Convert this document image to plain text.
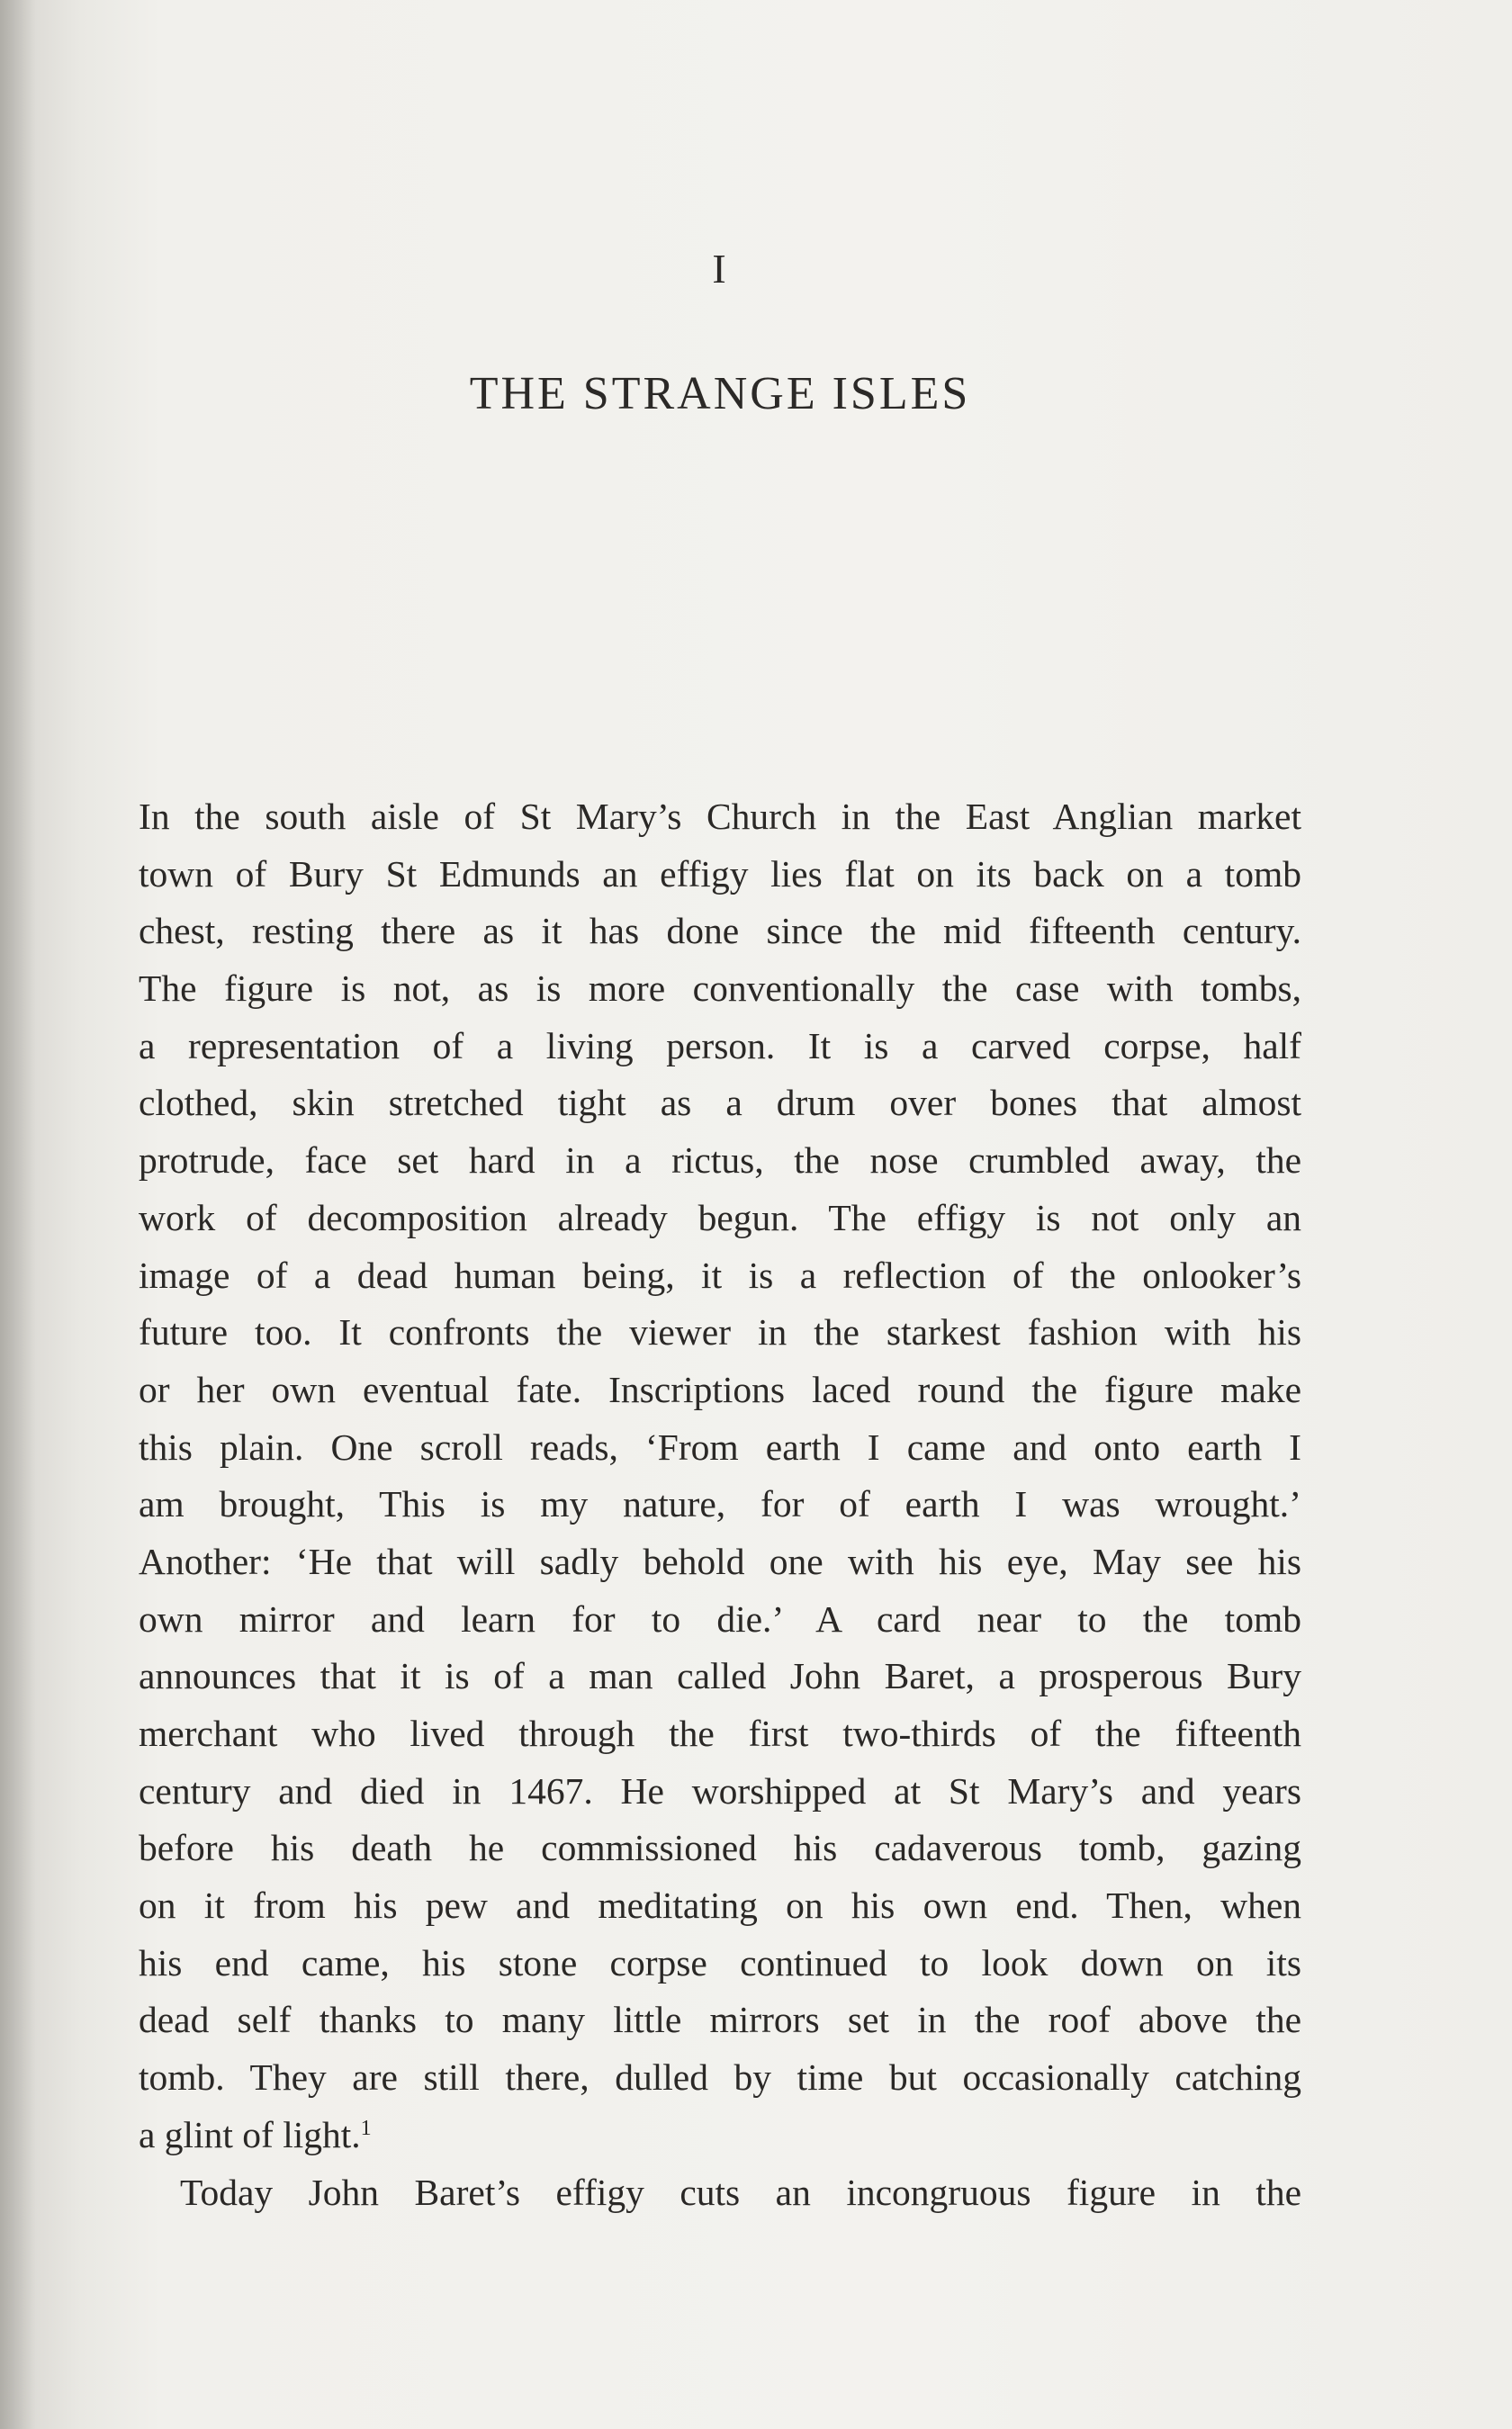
I
THE STRANGE ISLES
In the south aisle of St Mary’s Church in the East Anglian market
town of Bury St Edmunds an effigy lies flat on its back on a tomb
chest, resting there as it has done since the mid fifteenth century.
The figure is not, as is more conventionally the case with tombs,
a representation of a living person. It is a carved corpse, half
clothed, skin stretched tight as a drum over bones that almost
protrude, face set hard in a rictus, the nose crumbled away, the
work of decomposition already begun. The effigy is not only an
image of a dead human being, it is a reflection of the onlooker’s
future too. It confronts the viewer in the starkest fashion with his
or her own eventual fate. Inscriptions laced round the figure make
this plain. One scroll reads, ‘From earth I came and onto earth I
am brought, This is my nature, for of earth I was wrought.’
Another: ‘He that will sadly behold one with his eye, May see his
own mirror and learn for to die.’ A card near to the tomb
announces that it is of a man called John Baret, a prosperous Bury
merchant who lived through the first two-thirds of the fifteenth
century and died in 1467. He worshipped at St Mary’s and years
before his death he commissioned his cadaverous tomb, gazing
on it from his pew and meditating on his own end. Then, when
his end came, his stone corpse continued to look down on its
dead self thanks to many little mirrors set in the roof above the
tomb. They are still there, dulled by time but occasionally catching
a glint of light.$^1$
Today John Baret’s effigy cuts an incongruous figure in the
